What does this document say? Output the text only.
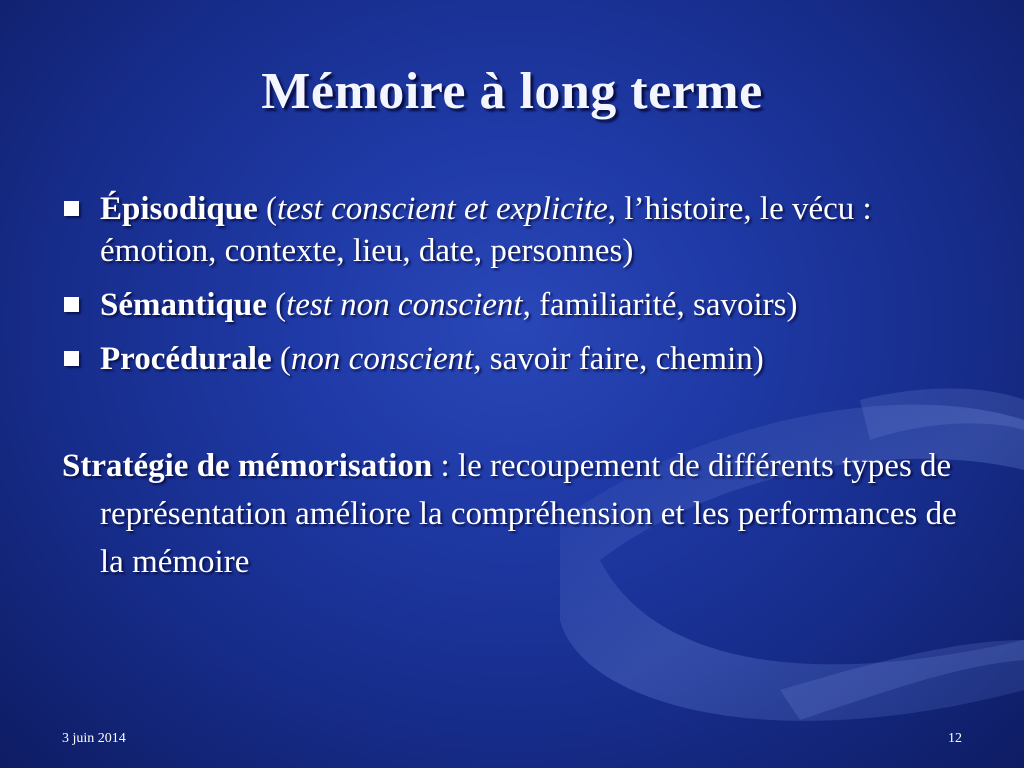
Mémoire à long terme
Épisodique (test conscient et explicite, l’histoire, le vécu : émotion, contexte, lieu, date, personnes)
Sémantique (test non conscient, familiarité, savoirs)
Procédurale (non conscient, savoir faire, chemin)
Stratégie de mémorisation : le recoupement de différents types de représentation améliore la compréhension et les performances de la mémoire
3 juin 2014	12
